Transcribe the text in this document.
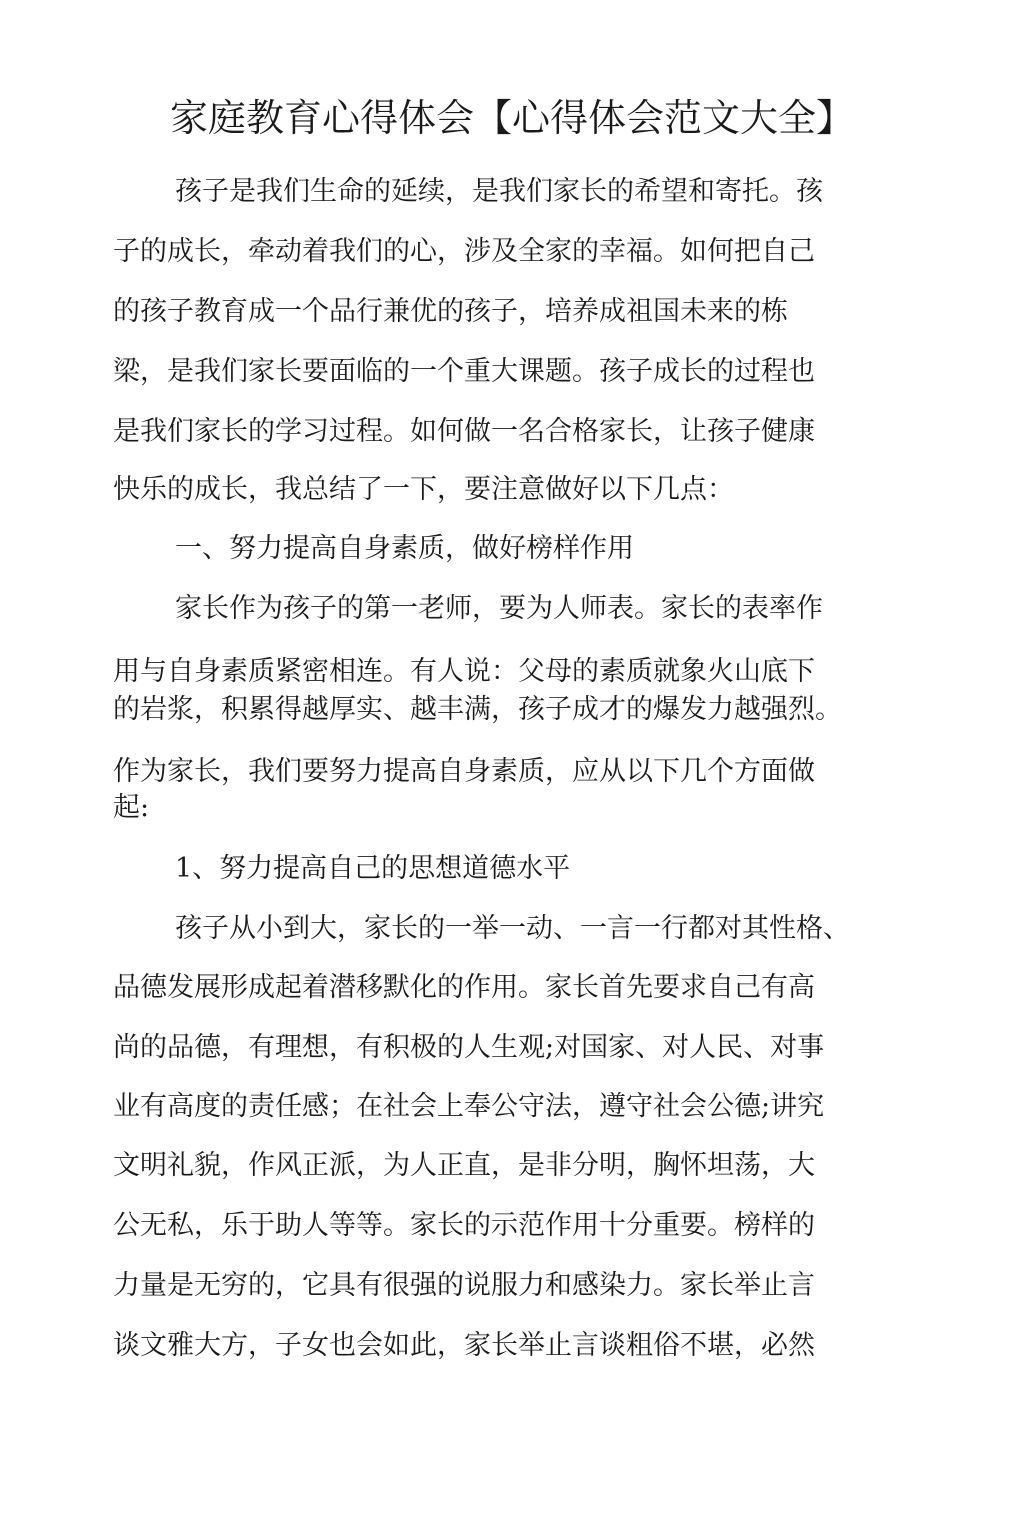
家庭教育心得体会【心得体会范文大全】

孩子是我们生命的延续，是我们家长的希望和寄托。孩

子的成长，牵动着我们的心，涉及全家的幸福。如何把自己

的孩子教育成一个品行兼优的孩子，培养成祖国未来的栋

梁，是我们家长要面临的一个重大课题。孩子成长的过程也

是我们家长的学习过程。如何做一名合格家长，让孩子健康

快乐的成长，我总结了一下，要注意做好以下几点：

一、努力提高自身素质，做好榜样作用

家长作为孩子的第一老师，要为人师表。家长的表率作

用与自身素质紧密相连。有人说：父母的素质就象火山底下

的岩浆，积累得越厚实、越丰满，孩子成才的爆发力越强烈。

作为家长，我们要努力提高自身素质，应从以下几个方面做

起:

1、努力提高自己的思想道德水平

孩子从小到大，家长的一举一动、一言一行都对其性格、

品德发展形成起着潜移默化的作用。家长首先要求自己有高

尚的品德，有理想，有积极的人生观;对国家、对人民、对事

业有高度的责任感；在社会上奉公守法，遵守社会公德;讲究

文明礼貌，作风正派，为人正直，是非分明，胸怀坦荡，大

公无私，乐于助人等等。家长的示范作用十分重要。榜样的

力量是无穷的，它具有很强的说服力和感染力。家长举止言

谈文雅大方，子女也会如此，家长举止言谈粗俗不堪，必然
